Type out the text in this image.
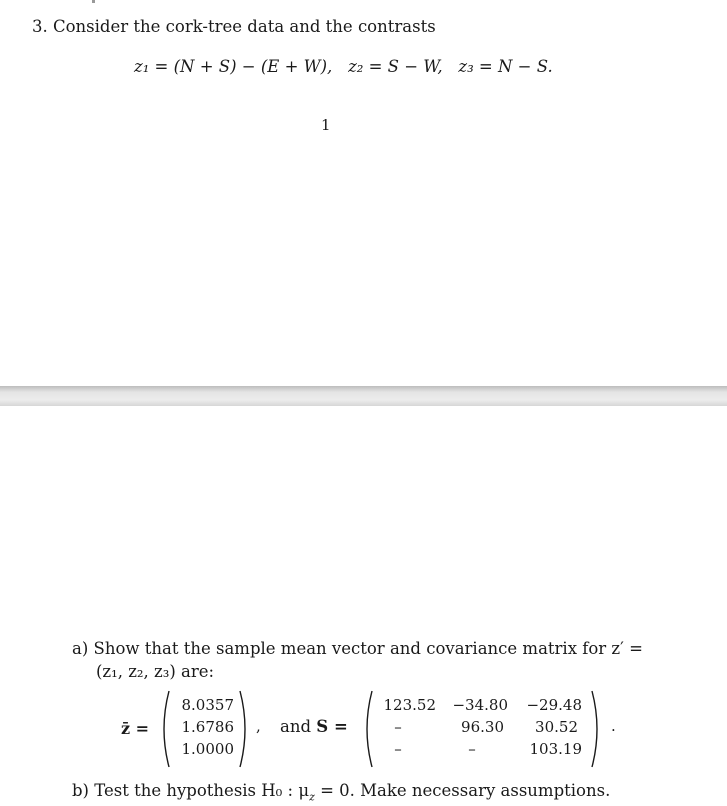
3. Consider the cork-tree data and the contrasts
z₁ = (N + S) − (E + W), z₂ = S − W, z₃ = N − S.
1
a) Show that the sample mean vector and covariance matrix for z′ =
(z₁, z₂, z₃) are:
z̄ =
8.0357
1.6786
1.0000
, and S =
123.52 −34.80	−29.48
–	96.30	30.52
–	–	103.19
.
b) Test the hypothesis H₀ : $\mu_z = 0$. Make necessary assumptions.
